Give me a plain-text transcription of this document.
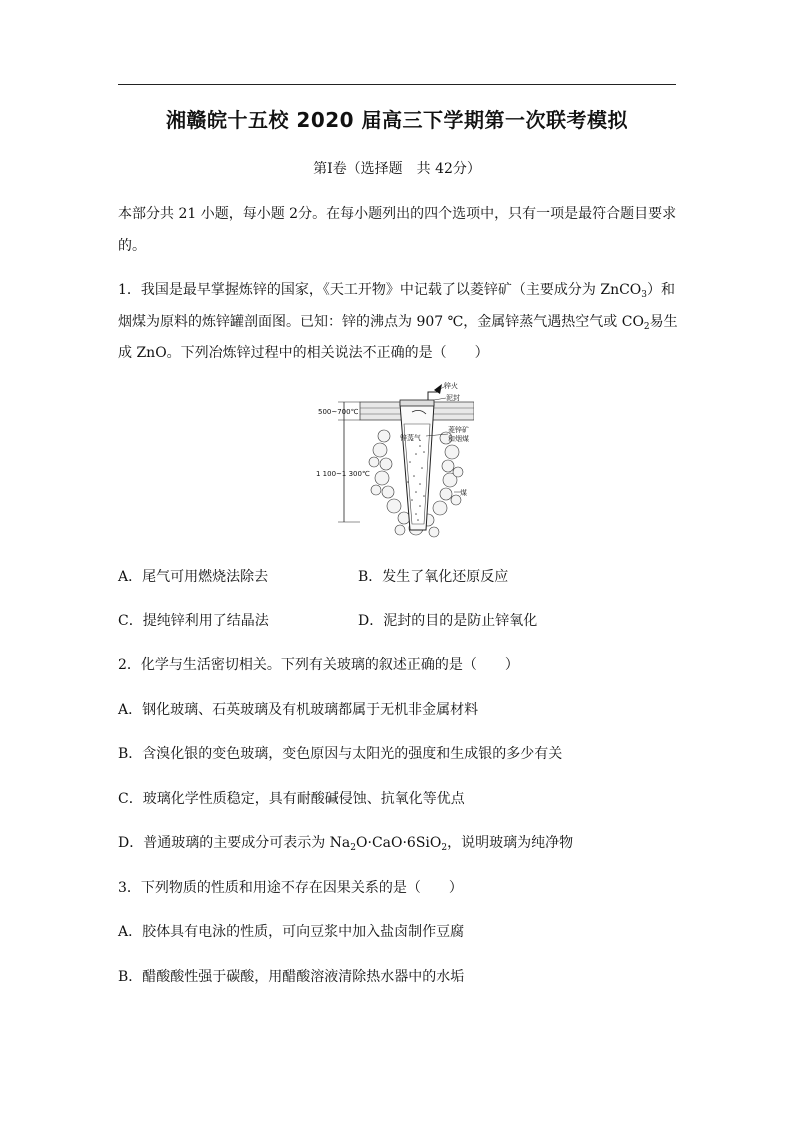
湘赣皖十五校 2020 届高三下学期第一次联考模拟
第Ⅰ卷（选择题　共 42分）
本部分共 21 小题，每小题 2分。在每小题列出的四个选项中，只有一项是最符合题目要求
的。
1．我国是最早掌握炼锌的国家，《天工开物》中记载了以菱锌矿（主要成分为 ZnCO$_3$）和
烟煤为原料的炼锌罐剖面图。已知：锌的沸点为 907 ℃，金属锌蒸气遇热空气或 $CO_2$易生
成 ZnO。下列冶炼锌过程中的相关说法不正确的是（　　）
锌火
泥封
锌蒸气
菱锌矿
和烟煤
煤
500~700℃
1 100~1 300℃
A．尾气可用燃烧法除去	B．发生了氧化还原反应
C．提纯锌利用了结晶法	D．泥封的目的是防止锌氧化
2．化学与生活密切相关。下列有关玻璃的叙述正确的是（　　）
A．钢化玻璃、石英玻璃及有机玻璃都属于无机非金属材料
B．含溴化银的变色玻璃，变色原因与太阳光的强度和生成银的多少有关
C．玻璃化学性质稳定，具有耐酸碱侵蚀、抗氧化等优点
D．普通玻璃的主要成分可表示为 $Na_2O\cdot CaO\cdot 6SiO_2$，说明玻璃为纯净物
3．下列物质的性质和用途不存在因果关系的是（　　）
A．胶体具有电泳的性质，可向豆浆中加入盐卤制作豆腐
B．醋酸酸性强于碳酸，用醋酸溶液清除热水器中的水垢
